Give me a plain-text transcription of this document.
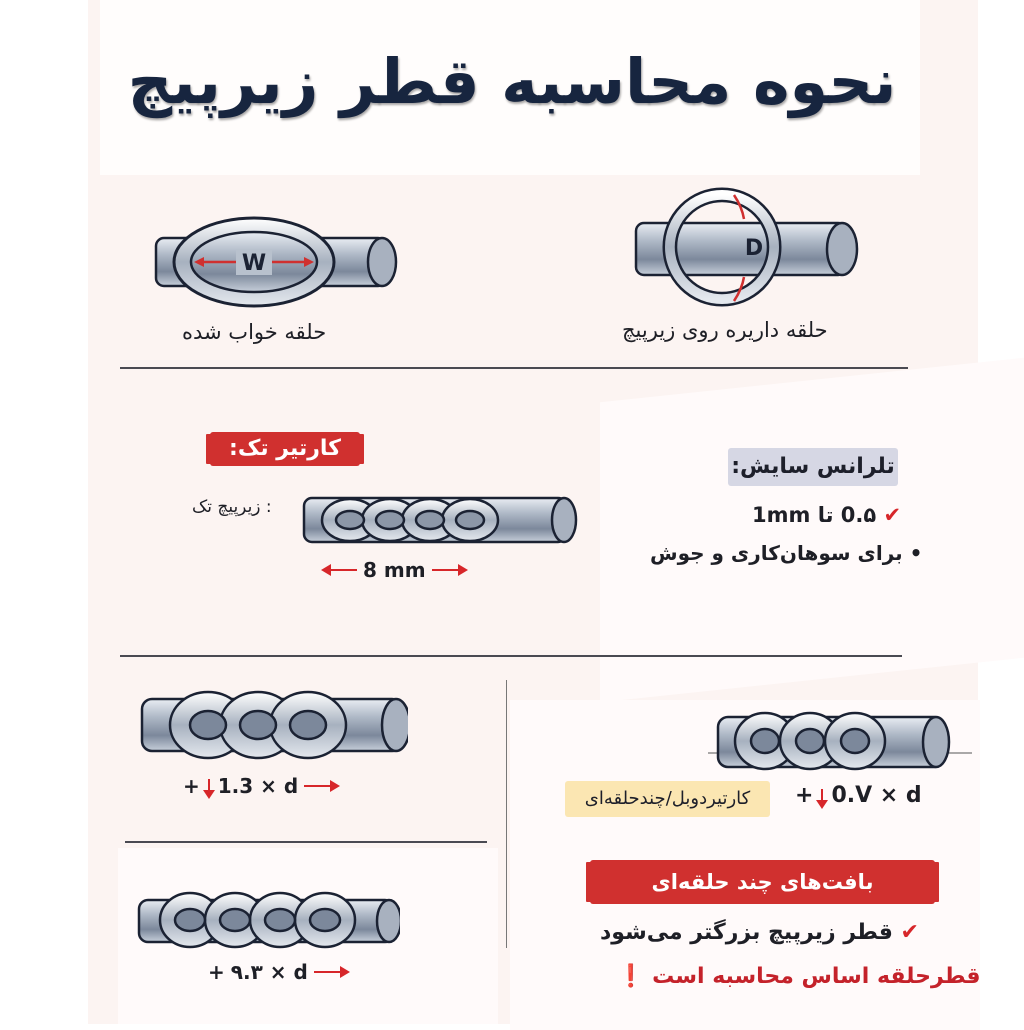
نحوه محاسبه قطر زیرپیچ
W
حلقه خواب شده
D
حلقه داریره روی زیرپیچ
کارتیر تک:
: زیرپیچ تک
8 mm
تلرانس سایش:
✔ 0.۵ تا 1mm
• برای سوهان‌کاری و جوش
+ 1.3 × d
+ ۹.۳ × d
+ 0.V × d
کارتیردوبل/چندحلقه‌ای
بافت‌های چند حلقه‌ای
✔ قطر زیرپیچ بزرگتر می‌شود
قطرحلقه اساس محاسبه است ❗
